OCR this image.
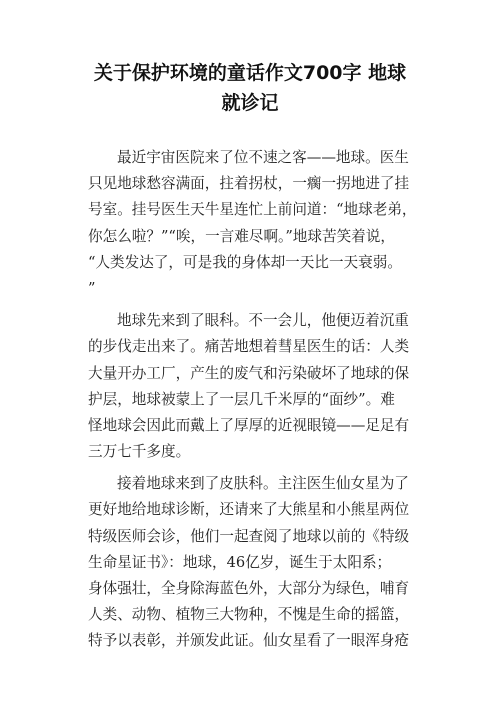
关于保护环境的童话作文700字 地球
就诊记
最近宇宙医院来了位不速之客——地球。医生
只见地球愁容满面，拄着拐杖，一瘸一拐地进了挂
号室。挂号医生天牛星连忙上前问道：“地球老弟，
你怎么啦？”“唉，一言难尽啊。”地球苦笑着说，
“人类发达了，可是我的身体却一天比一天衰弱。
”
地球先来到了眼科。不一会儿，他便迈着沉重
的步伐走出来了。痛苦地想着彗星医生的话：人类
大量开办工厂，产生的废气和污染破坏了地球的保
护层，地球被蒙上了一层几千米厚的“面纱”。难
怪地球会因此而戴上了厚厚的近视眼镜——足足有
三万七千多度。
接着地球来到了皮肤科。主注医生仙女星为了
更好地给地球诊断，还请来了大熊星和小熊星两位
特级医师会诊，他们一起查阅了地球以前的《特级
生命星证书》：地球，46亿岁，诞生于太阳系；
身体强壮，全身除海蓝色外，大部分为绿色，哺育
人类、动物、植物三大物种，不愧是生命的摇篮，
特予以表彰，并颁发此证。仙女星看了一眼浑身疮
